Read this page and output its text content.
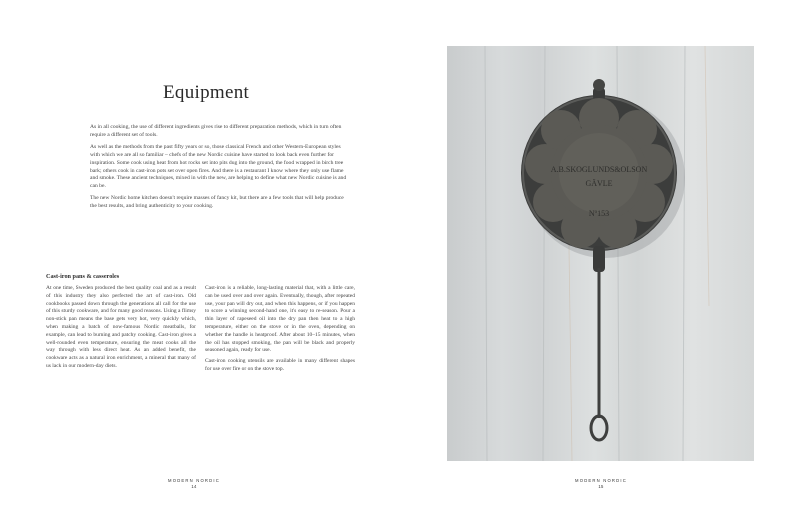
Equipment

As in all cooking, the use of different ingredients gives rise to different preparation methods, which in turn often require a different set of tools.

As well as the methods from the past fifty years or so, those classical French and other Western-European styles with which we are all so familiar – chefs of the new Nordic cuisine have started to look back even further for inspiration. Some cook using heat from hot rocks set into pits dug into the ground, the food wrapped in birch tree bark; others cook in cast-iron pots set over open fires. And there is a restaurant I know where they only use flame and smoke. These ancient techniques, mixed in with the new, are helping to define what new Nordic cuisine is and can be.

The new Nordic home kitchen doesn't require masses of fancy kit, but there are a few tools that will help produce the best results, and bring authenticity to your cooking.

Cast-iron pans & casseroles

At one time, Sweden produced the best quality coal and as a result of this industry they also perfected the art of cast-iron. Old cookbooks passed down through the generations all call for the use of this sturdy cookware, and for many good reasons. Using a flimsy non-stick pan means the base gets very hot, very quickly which, when making a batch of now-famous Nordic meatballs, for example, can lead to burning and patchy cooking. Cast-iron gives a well-rounded even temperature, ensuring the meat cooks all the way through with less direct heat. As an added benefit, the cookware acts as a natural iron enrichment, a mineral that many of us lack in our modern-day diets.

Cast-iron is a reliable, long-lasting material that, with a little care, can be used over and over again. Eventually, though, after repeated use, your pan will dry out, and when this happens, or if you happen to score a winning second-hand one, it's easy to re-season. Pour a thin layer of rapeseed oil into the dry pan then heat to a high temperature, either on the stove or in the oven, depending on whether the handle is heatproof. After about 10–15 minutes, when the oil has stopped smoking, the pan will be black and properly seasoned again, ready for use.

Cast-iron cooking utensils are available in many different shapes for use over fire or on the stove top.

MODERN NORDIC
14
A.B.SKOGLUNDS&OLSON
GÄVLE
Nº153
MODERN NORDIC
15
